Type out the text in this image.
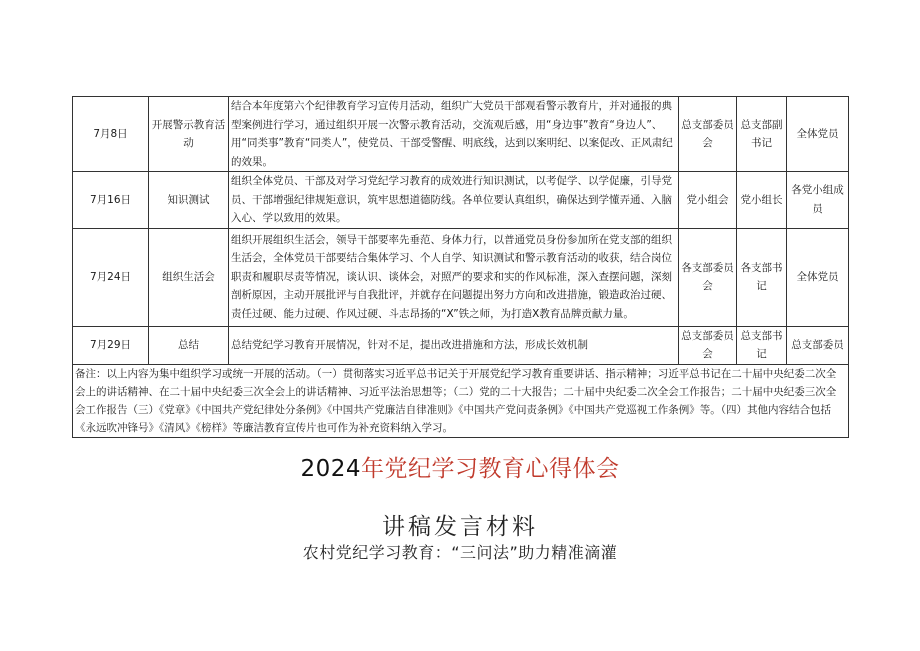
7月8日	开展警示教育活动	结合本年度第六个纪律教育学习宣传月活动，组织广大党员干部观看警示教育片，并对通报的典型案例进行学习，通过组织开展一次警示教育活动，交流观后感，用“身边事”教育“身边人”、用“同类事”教育“同类人”，使党员、干部受警醒、明底线，达到以案明纪、以案促改、正风肃纪的效果。	总支部委员会	总支部副书记	全体党员
7月16日	知识测试	组织全体党员、干部及对学习党纪学习教育的成效进行知识测试，以考促学、以学促廉，引导党员、干部增强纪律规矩意识，筑牢思想道德防线。各单位要认真组织，确保达到学懂弄通、入脑入心、学以致用的效果。	党小组会	党小组长	各党小组成员
7月24日	组织生活会	组织开展组织生活会，领导干部要率先垂范、身体力行，以普通党员身份参加所在党支部的组织生活会，全体党员干部要结合集体学习、个人自学、知识测试和警示教育活动的收获，结合岗位职责和履职尽责等情况，谈认识、谈体会，对照严的要求和实的作风标准，深入查摆问题，深刻剖析原因，主动开展批评与自我批评，并就存在问题提出努力方向和改进措施，锻造政治过硬、责任过硬、能力过硬、作风过硬、斗志昂扬的“X”铁之师，为打造X教育品牌贡献力量。	各支部委员会	各支部书记	全体党员
7月29日	总结	总结党纪学习教育开展情况，针对不足，提出改进措施和方法，形成长效机制	总支部委员会	总支部书记	总支部委员
备注：以上内容为集中组织学习或统一开展的活动。（一）贯彻落实习近平总书记关于开展党纪学习教育重要讲话、指示精神；习近平总书记在二十届中央纪委二次全会上的讲话精神、在二十届中央纪委三次全会上的讲话精神、习近平法治思想等；（二）党的二十大报告；二十届中央纪委二次全会工作报告；二十届中央纪委三次全会工作报告（三）《党章》《中国共产党纪律处分条例》《中国共产党廉洁自律准则》《中国共产党问责条例》《中国共产党巡视工作条例》等。（四）其他内容结合包括《永远吹冲锋号》《清风》《榜样》等廉洁教育宣传片也可作为补充资料纳入学习。					
2024年党纪学习教育心得体会
讲稿发言材料
农村党纪学习教育：“三问法”助力精准滴灌
